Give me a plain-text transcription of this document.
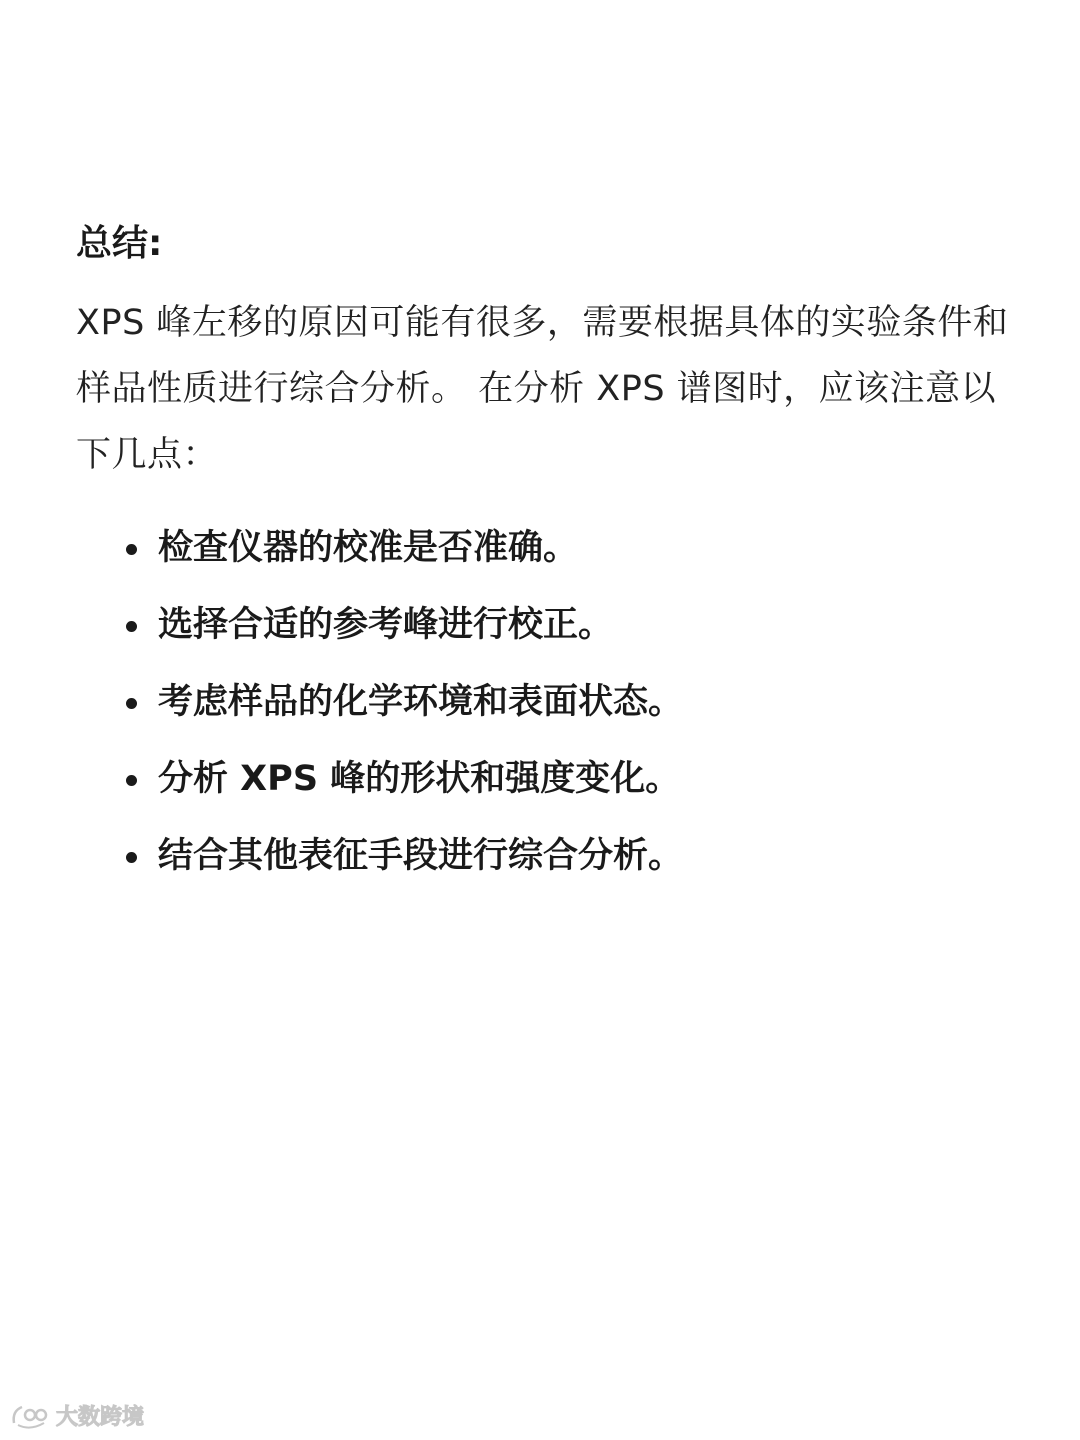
总结:

XPS 峰左移的原因可能有很多，需要根据具体的实验条件和样品性质进行综合分析。 在分析 XPS 谱图时，应该注意以下几点：

检查仪器的校准是否准确。
选择合适的参考峰进行校正。
考虑样品的化学环境和表面状态。
分析 XPS 峰的形状和强度变化。
结合其他表征手段进行综合分析。
大数跨境
